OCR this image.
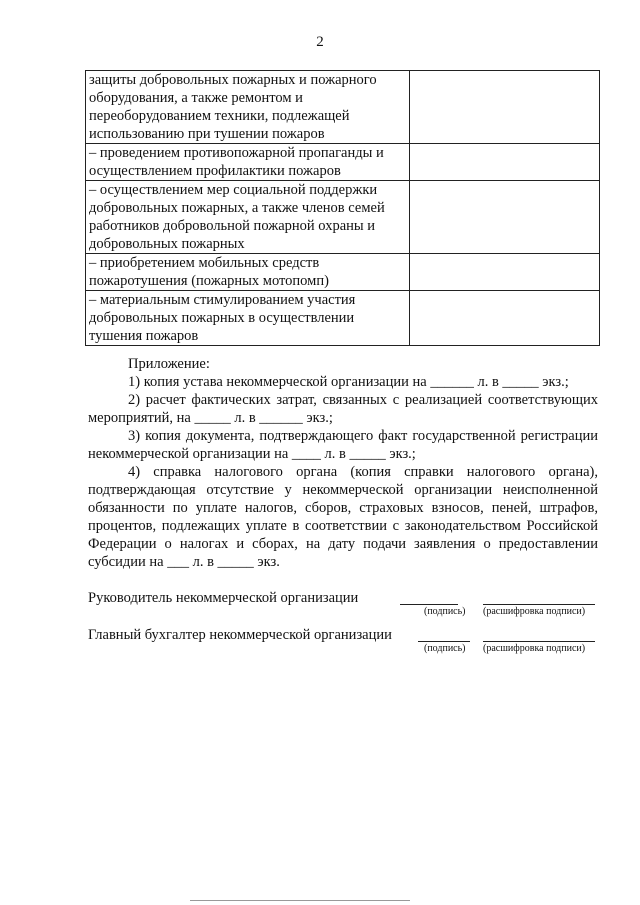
2
защиты добровольных пожарных и пожарного оборудования, а также ремонтом и переоборудованием техники, подлежащей использованию при тушении пожаров	
– проведением противопожарной пропаганды и осуществлением профилактики пожаров	
– осуществлением мер социальной поддержки добровольных пожарных, а также членов семей работников добровольной пожарной охраны и добровольных пожарных	
– приобретением мобильных средств пожаротушения (пожарных мотопомп)	
– материальным стимулированием участия добровольных пожарных в осуществлении тушения пожаров	

Приложение:

1) копия устава некоммерческой организации на ______ л. в _____ экз.;

2) расчет фактических затрат, связанных с реализацией соответствующих мероприятий, на _____ л. в ______ экз.;

3) копия документа, подтверждающего факт государственной регистрации некоммерческой организации на ____ л. в _____ экз.;

4) справка налогового органа (копия справки налогового органа), подтверждающая отсутствие у некоммерческой организации неисполненной обязанности по уплате налогов, сборов, страховых взносов, пеней, штрафов, процентов, подлежащих уплате в соответствии с законодательством Российской Федерации о налогах и сборах, на дату подачи заявления о предоставлении субсидии на ___ л. в _____ экз.

Руководитель некоммерческой организации
(подпись) (расшифровка подписи)
Главный бухгалтер некоммерческой организации
(подпись) (расшифровка подписи)
